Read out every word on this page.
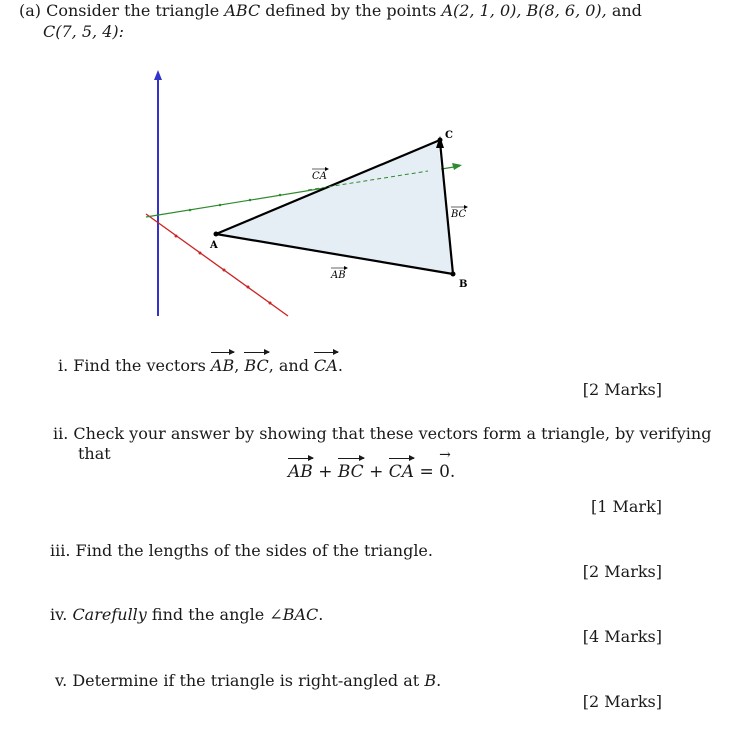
(a) Consider the triangle ABC defined by the points A(2, 1, 0), B(8, 6, 0), and
C(7, 5, 4):
A
B
C
AB
BC
CA
i. Find the vectors AB, BC, and CA.
[2 Marks]
ii. Check your answer by showing that these vectors form a triangle, by verifying
that
AB + BC + CA = → 0.
[1 Mark]
iii. Find the lengths of the sides of the triangle.
[2 Marks]
iv. Carefully find the angle ∠BAC.
[4 Marks]
v. Determine if the triangle is right-angled at B.
[2 Marks]
